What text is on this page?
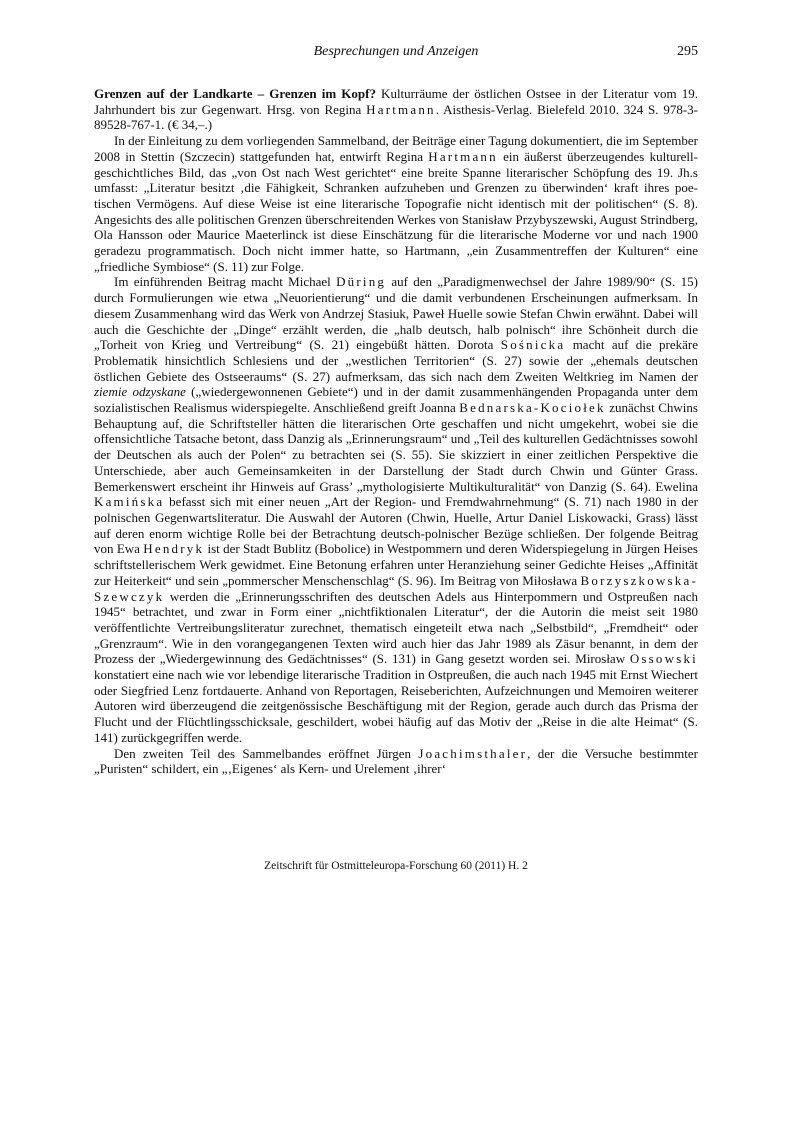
Besprechungen und Anzeigen	295

Grenzen auf der Landkarte – Grenzen im Kopf? Kulturräume der östlichen Ostsee in der Literatur vom 19. Jahrhundert bis zur Gegenwart. Hrsg. von Regina Hartmann. Aisthesis-Verlag. Bielefeld 2010. 324 S. 978-3-89528-767-1. (€ 34,–.)

In der Einleitung zu dem vorliegenden Sammelband, der Beiträge einer Tagung dokumentiert, die im September 2008 in Stettin (Szczecin) stattgefunden hat, entwirft Regina Hartmann ein äußerst überzeugendes kulturell-geschichtliches Bild, das „von Ost nach West gerichtet“ eine breite Spanne literarischer Schöpfung des 19. Jh.s umfasst: „Literatur besitzt ‚die Fähigkeit, Schranken aufzuheben und Grenzen zu überwinden‘ kraft ihres poetischen Vermögens. Auf diese Weise ist eine literarische Topografie nicht identisch mit der politischen“ (S. 8). Angesichts des alle politischen Grenzen überschreitenden Werkes von Stanisław Przybyszewski, August Strindberg, Ola Hansson oder Maurice Maeterlinck ist diese Einschätzung für die literarische Moderne vor und nach 1900 geradezu programmatisch. Doch nicht immer hatte, so Hartmann, „ein Zusammentreffen der Kulturen“ eine „friedliche Symbiose“ (S. 11) zur Folge.

Im einführenden Beitrag macht Michael Düring auf den „Paradigmenwechsel der Jahre 1989/90“ (S. 15) durch Formulierungen wie etwa „Neuorientierung“ und die damit verbundenen Erscheinungen aufmerksam. In diesem Zusammenhang wird das Werk von Andrzej Stasiuk, Paweł Huelle sowie Stefan Chwin erwähnt. Dabei will auch die Geschichte der „Dinge“ erzählt werden, die „halb deutsch, halb polnisch“ ihre Schönheit durch die „Torheit von Krieg und Vertreibung“ (S. 21) eingebüßt hätten. Dorota Sośnicka macht auf die prekäre Problematik hinsichtlich Schlesiens und der „westlichen Territorien“ (S. 27) sowie der „ehemals deutschen östlichen Gebiete des Ostseeraums“ (S. 27) aufmerksam, das sich nach dem Zweiten Weltkrieg im Namen der ziemie odzyskane („wiedergewonnenen Gebiete“) und in der damit zusammenhängenden Propaganda unter dem sozialistischen Realismus widerspiegelte. Anschließend greift Joanna Bednarska-Kociołek zunächst Chwins Behauptung auf, die Schriftsteller hätten die literarischen Orte geschaffen und nicht umgekehrt, wobei sie die offensichtliche Tatsache betont, dass Danzig als „Erinnerungsraum“ und „Teil des kulturellen Gedächtnisses sowohl der Deutschen als auch der Polen“ zu betrachten sei (S. 55). Sie skizziert in einer zeitlichen Perspektive die Unterschiede, aber auch Gemeinsamkeiten in der Darstellung der Stadt durch Chwin und Günter Grass. Bemerkenswert erscheint ihr Hinweis auf Grass’ „mythologisierte Multikulturalität“ von Danzig (S. 64). Ewelina Kamińska befasst sich mit einer neuen „Art der Region- und Fremdwahrnehmung“ (S. 71) nach 1980 in der polnischen Gegenwartsliteratur. Die Auswahl der Autoren (Chwin, Huelle, Artur Daniel Liskowacki, Grass) lässt auf deren enorm wichtige Rolle bei der Betrachtung deutsch-polnischer Bezüge schließen. Der folgende Beitrag von Ewa Hendryk ist der Stadt Bublitz (Bobolice) in Westpommern und deren Widerspiegelung in Jürgen Heises schriftstellerischem Werk gewidmet. Eine Betonung erfahren unter Heranziehung seiner Gedichte Heises „Affinität zur Heiterkeit“ und sein „pommerscher Menschenschlag“ (S. 96). Im Beitrag von Miłosława Borzyszkowska-Szewczyk werden die „Erinnerungsschriften des deutschen Adels aus Hinterpommern und Ostpreußen nach 1945“ betrachtet, und zwar in Form einer „nichtfiktionalen Literatur“, der die Autorin die meist seit 1980 veröffentlichte Vertreibungsliteratur zurechnet, thematisch eingeteilt etwa nach „Selbstbild“, „Fremdheit“ oder „Grenzraum“. Wie in den vorangegangenen Texten wird auch hier das Jahr 1989 als Zäsur benannt, in dem der Prozess der „Wiedergewinnung des Gedächtnisses“ (S. 131) in Gang gesetzt worden sei. Mirosław Ossowski konstatiert eine nach wie vor lebendige literarische Tradition in Ostpreußen, die auch nach 1945 mit Ernst Wiechert oder Siegfried Lenz fortdauerte. Anhand von Reportagen, Reiseberichten, Aufzeichnungen und Memoiren weiterer Autoren wird überzeugend die zeitgenössische Beschäftigung mit der Region, gerade auch durch das Prisma der Flucht und der Flüchtlingsschicksale, geschildert, wobei häufig auf das Motiv der „Reise in die alte Heimat“ (S. 141) zurückgegriffen werde.

Den zweiten Teil des Sammelbandes eröffnet Jürgen Joachimsthaler, der die Versuche bestimmter „Puristen“ schildert, ein „‚Eigenes‘ als Kern- und Urelement ‚ihrer‘

Zeitschrift für Ostmitteleuropa-Forschung 60 (2011) H. 2
